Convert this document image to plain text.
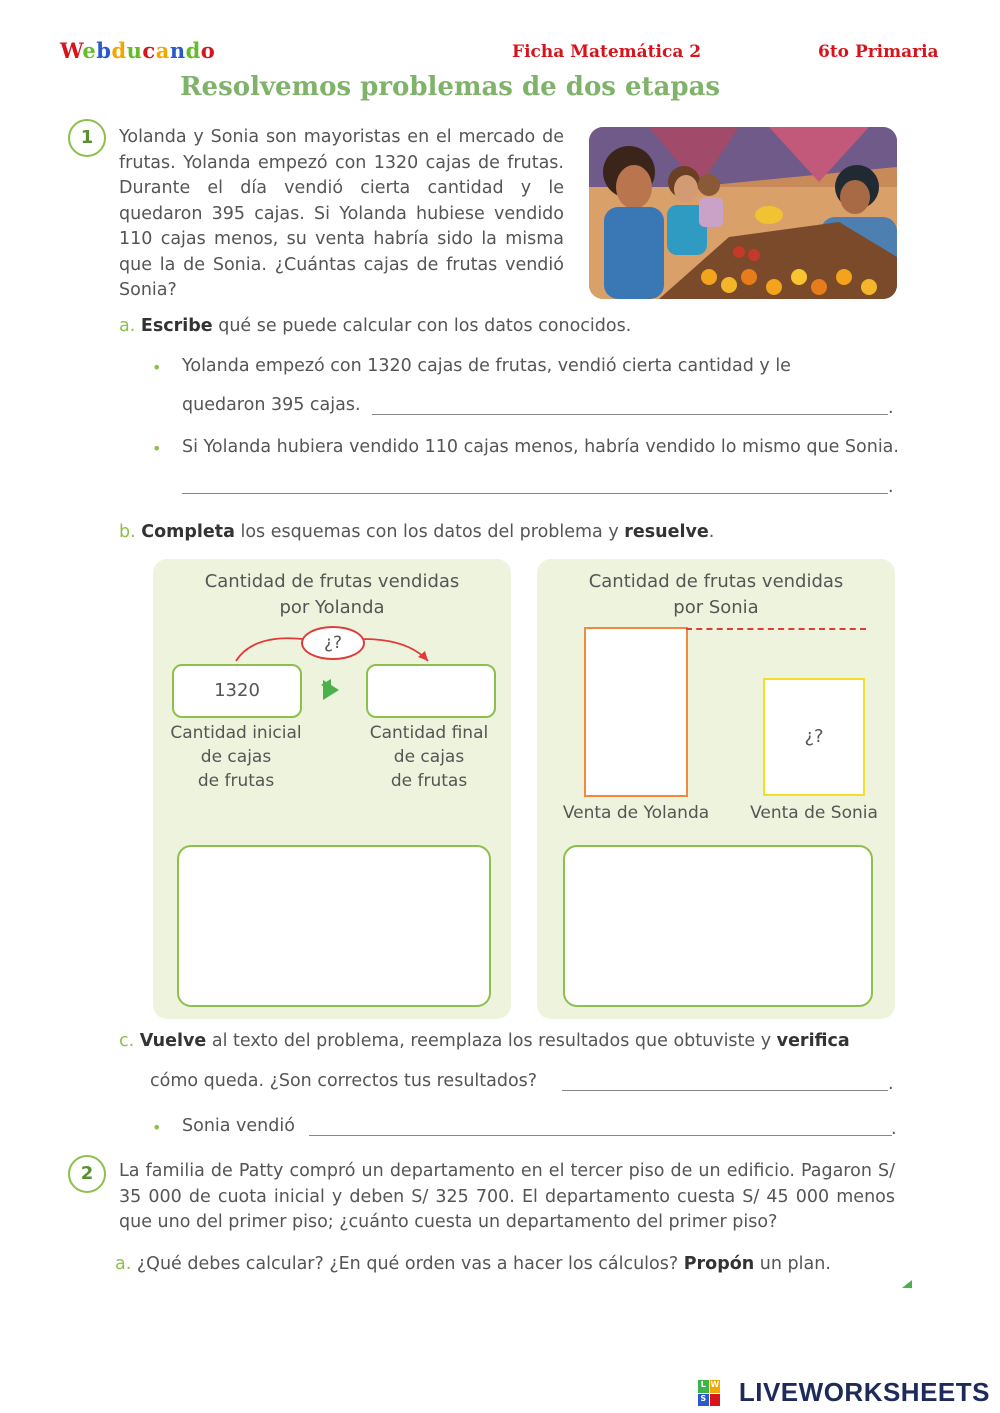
Webducando	Ficha Matemática 2	6to Primaria
Resolvemos problemas de dos etapas
1	Yolanda y Sonia son mayoristas en el mercado de frutas. Yolanda empezó con 1320 cajas de frutas. Durante el día vendió cierta cantidad y le quedaron 395 cajas. Si Yolanda hubiese vendido 110 cajas menos, su venta habría sido la misma que la de Sonia. ¿Cuántas cajas de frutas vendió Sonia?
a. Escribe qué se puede calcular con los datos conocidos.
• Yolanda empezó con 1320 cajas de frutas, vendió cierta cantidad y le
quedaron 395 cajas.	.
• Si Yolanda hubiera vendido 110 cajas menos, habría vendido lo mismo que Sonia.
.
b. Completa los esquemas con los datos del problema y resuelve.
Cantidad de frutas vendidas
por Yolanda
¿?
1320
Cantidad inicial
de cajas
de frutas
Cantidad final
de cajas
de frutas
Cantidad de frutas vendidas
por Sonia
¿?
Venta de Yolanda	Venta de Sonia
c. Vuelve al texto del problema, reemplaza los resultados que obtuviste y verifica
cómo queda. ¿Son correctos tus resultados?	.
• Sonia vendió	.
2	La familia de Patty compró un departamento en el tercer piso de un edificio. Pagaron S/ 35 000 de cuota inicial y deben S/ 325 700. El departamento cuesta S/ 45 000 menos que uno del primer piso; ¿cuánto cuesta un departamento del primer piso?
a. ¿Qué debes calcular? ¿En qué orden vas a hacer los cálculos? Propón un plan.
L W
S LIVEWORKSHEETS
